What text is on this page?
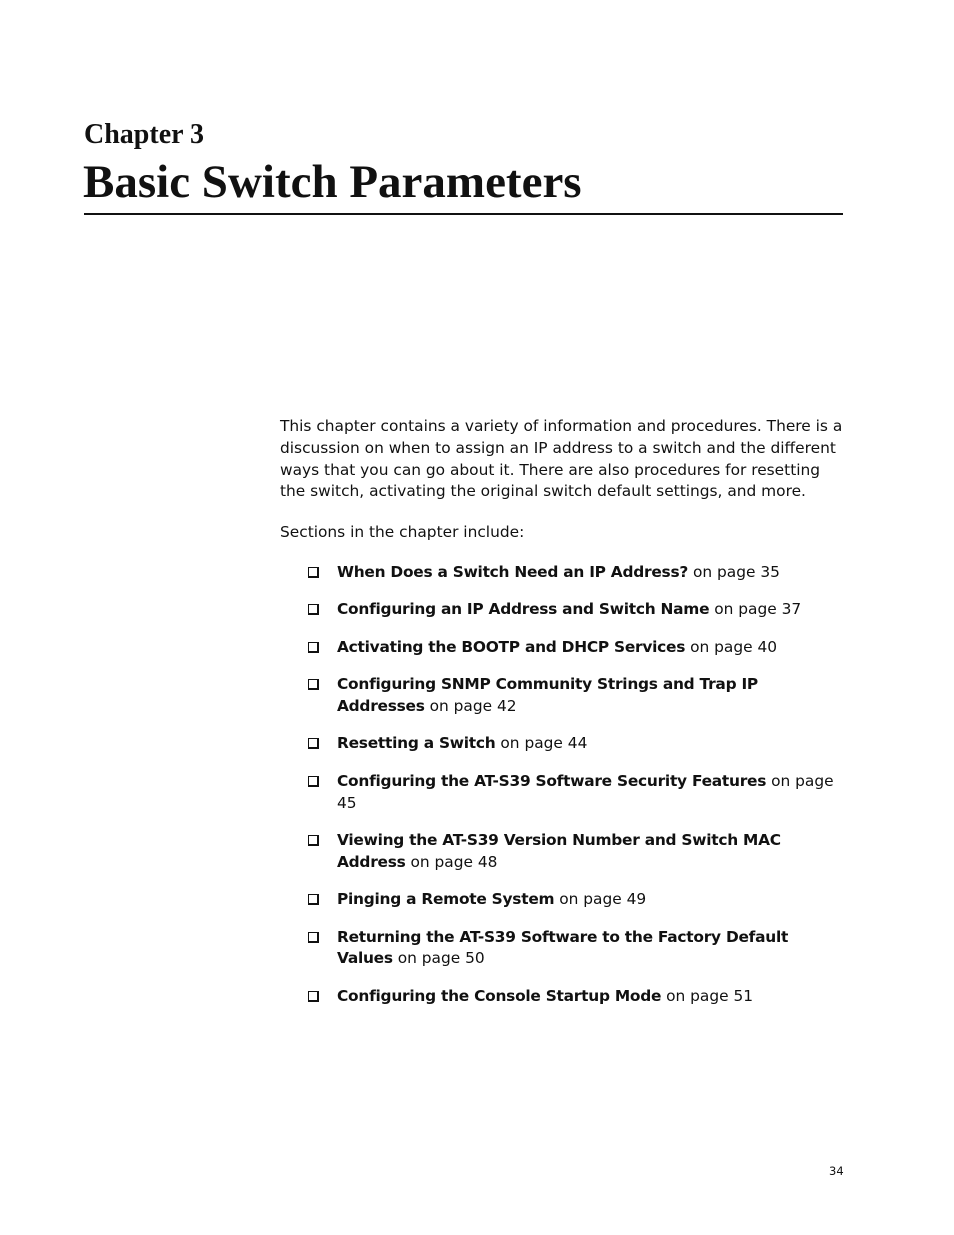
Chapter 3
Basic Switch Parameters

This chapter contains a variety of information and procedures. There is a discussion on when to assign an IP address to a switch and the different ways that you can go about it. There are also procedures for resetting the switch, activating the original switch default settings, and more.

Sections in the chapter include:

When Does a Switch Need an IP Address? on page 35
Configuring an IP Address and Switch Name on page 37
Activating the BOOTP and DHCP Services on page 40
Configuring SNMP Community Strings and Trap IP Addresses on page 42
Resetting a Switch on page 44
Configuring the AT-S39 Software Security Features on page 45
Viewing the AT-S39 Version Number and Switch MAC Address on page 48
Pinging a Remote System on page 49
Returning the AT-S39 Software to the Factory Default Values on page 50
Configuring the Console Startup Mode on page 51

34
